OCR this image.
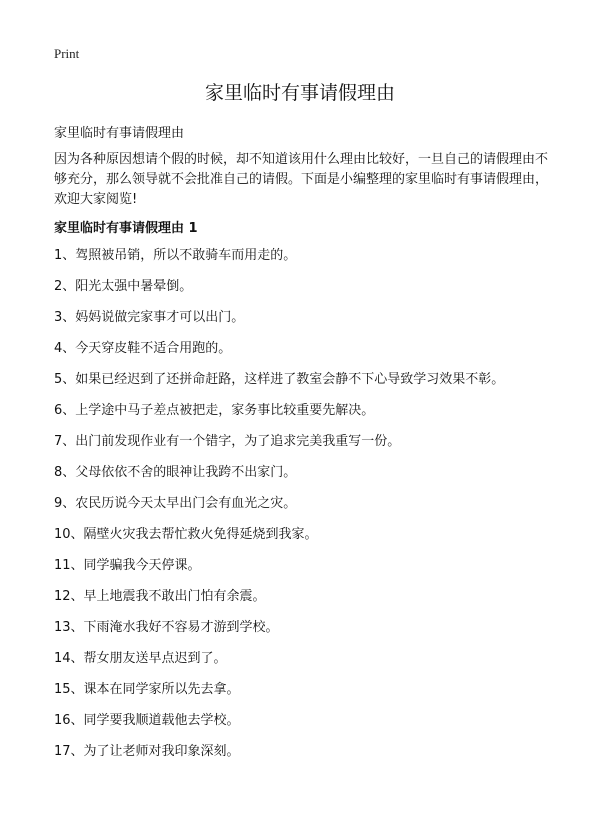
Print
家里临时有事请假理由
家里临时有事请假理由

因为各种原因想请个假的时候，却不知道该用什么理由比较好，一旦自己的请假理由不够充分，那么领导就不会批准自己的请假。下面是小编整理的家里临时有事请假理由，欢迎大家阅览!

家里临时有事请假理由 1
1、驾照被吊销，所以不敢骑车而用走的。
2、阳光太强中暑晕倒。
3、妈妈说做完家事才可以出门。
4、今天穿皮鞋不适合用跑的。
5、如果已经迟到了还拼命赶路，这样进了教室会静不下心导致学习效果不彰。
6、上学途中马子差点被把走，家务事比较重要先解决。
7、出门前发现作业有一个错字，为了追求完美我重写一份。
8、父母依依不舍的眼神让我跨不出家门。
9、农民历说今天太早出门会有血光之灾。
10、隔壁火灾我去帮忙救火免得延烧到我家。
11、同学骗我今天停课。
12、早上地震我不敢出门怕有余震。
13、下雨淹水我好不容易才游到学校。
14、帮女朋友送早点迟到了。
15、课本在同学家所以先去拿。
16、同学要我顺道载他去学校。
17、为了让老师对我印象深刻。
